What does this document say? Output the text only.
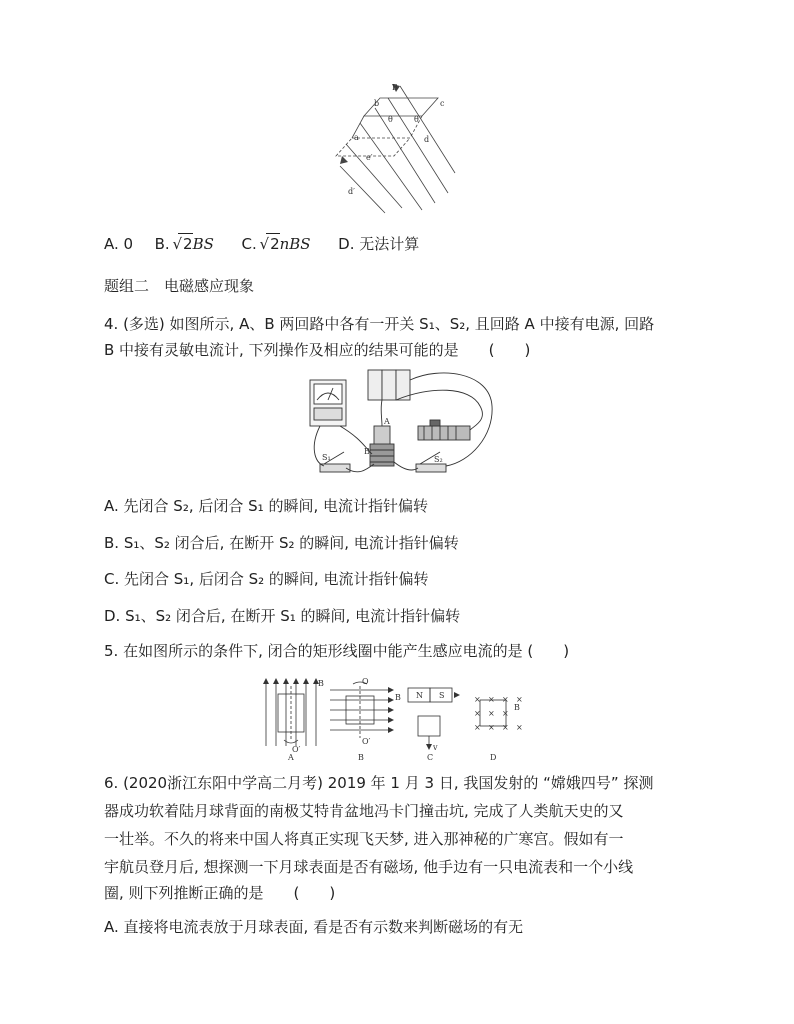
B
b	c
a	d
θ	θ
e′
d′
A. 0 B. √2BS C. √2nBS D. 无法计算
题组二　电磁感应现象
4. (多选) 如图所示, A、B 两回路中各有一开关 S₁、S₂, 且回路 A 中接有电源, 回路
B 中接有灵敏电流计, 下列操作及相应的结果可能的是　　(　　)
A
B
S₁	S₂
A. 先闭合 S₂, 后闭合 S₁ 的瞬间, 电流计指针偏转
B. S₁、S₂ 闭合后, 在断开 S₂ 的瞬间, 电流计指针偏转
C. 先闭合 S₁, 后闭合 S₂ 的瞬间, 电流计指针偏转
D. S₁、S₂ 闭合后, 在断开 S₁ 的瞬间, 电流计指针偏转
5. 在如图所示的条件下, 闭合的矩形线圈中能产生感应电流的是 (　　)
B
O′
O
O′
B N S
v
B
× × × ×
× × ×
× × × ×
A	B	C	D
6. (2020浙江东阳中学高二月考) 2019 年 1 月 3 日, 我国发射的 “嫦娥四号” 探测
器成功软着陆月球背面的南极艾特肯盆地冯卡门撞击坑, 完成了人类航天史的又
一壮举。不久的将来中国人将真正实现飞天梦, 进入那神秘的广寒宫。假如有一
宇航员登月后, 想探测一下月球表面是否有磁场, 他手边有一只电流表和一个小线
圈, 则下列推断正确的是　　(　　)
A. 直接将电流表放于月球表面, 看是否有示数来判断磁场的有无
